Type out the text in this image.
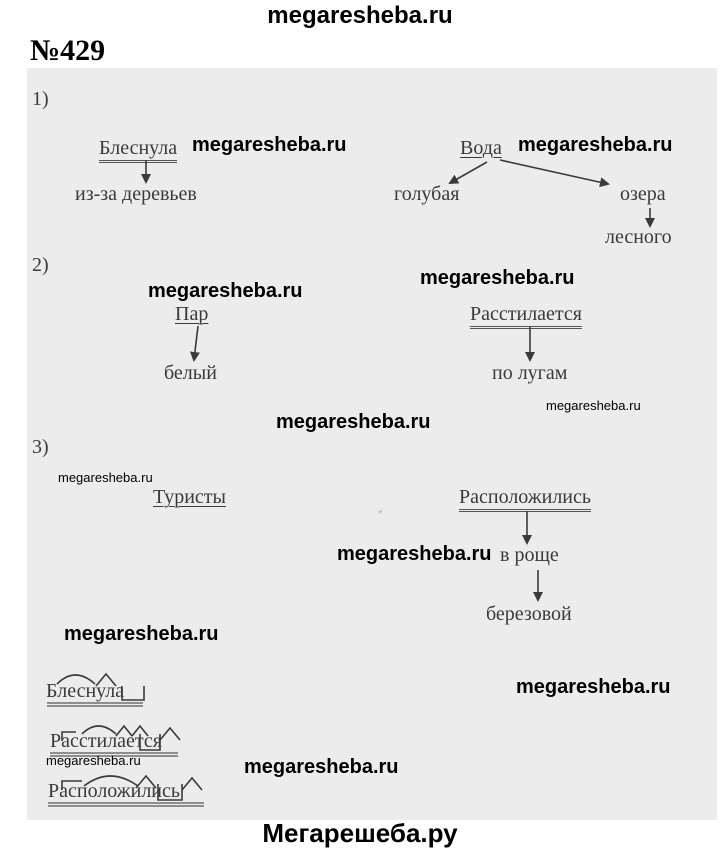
megaresheba.ru
№429
1)
2)
3)
Блеснула
из-за деревьев
Вода
голубая	озера
лесного
Пар
белый
Расстилается
по лугам
Туристы	Расположились
в роще
березовой
Блеснула
Расстилается
Расположились
*
megaresheba.ru	megaresheba.ru
megaresheba.ru
megaresheba.ru
megaresheba.ru
megaresheba.ru
megaresheba.ru
megaresheba.ru
megaresheba.ru
megaresheba.ru
megaresheba.ru	megaresheba.ru
Мегарешеба.ру
